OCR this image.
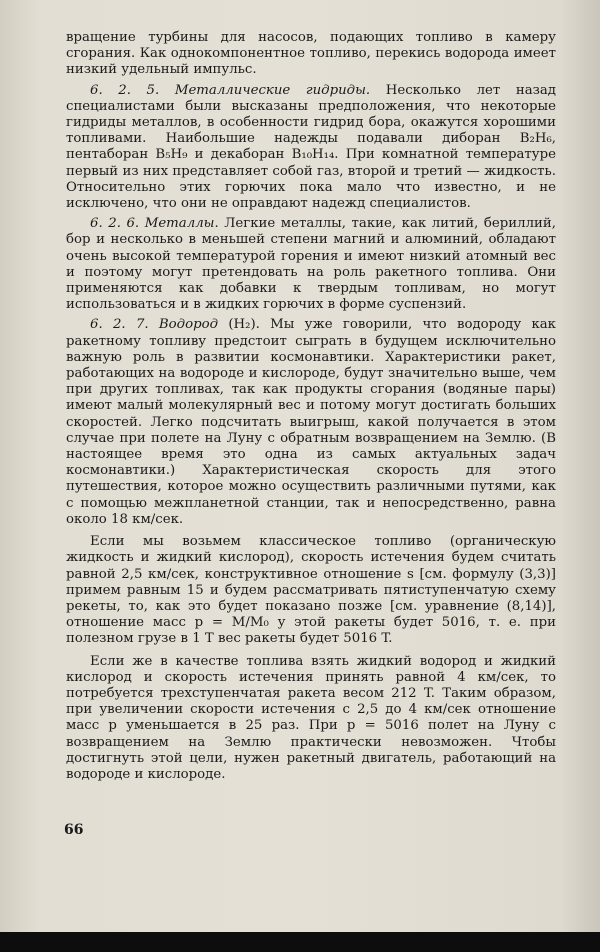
вращение турбины для насосов, подающих топливо в камеру сгорания. Как однокомпонентное топливо, перекись водорода имеет низкий удельный импульс.

6. 2. 5. Металлические гидриды. Несколько лет назад специалистами были высказаны предположения, что некоторые гидриды металлов, в особенности гидрид бора, окажутся хорошими топливами. Наибольшие надежды подавали диборан B₂H₆, пентаборан B₅H₉ и декаборан B₁₀H₁₄. При комнатной температуре первый из них представляет собой газ, второй и третий — жидкость. Относительно этих горючих пока мало что известно, и не исключено, что они не оправдают надежд специалистов.

6. 2. 6. Металлы. Легкие металлы, такие, как литий, бериллий, бор и несколько в меньшей степени магний и алюминий, обладают очень высокой температурой горения и имеют низкий атомный вес и поэтому могут претендовать на роль ракетного топлива. Они применяются как добавки к твердым топливам, но могут использоваться и в жидких горючих в форме суспензий.

6. 2. 7. Водород (H₂). Мы уже говорили, что водороду как ракетному топливу предстоит сыграть в будущем исключительно важную роль в развитии космонавтики. Характеристики ракет, работающих на водороде и кислороде, будут значительно выше, чем при других топливах, так как продукты сгорания (водяные пары) имеют малый молекулярный вес и потому могут достигать больших скоростей. Легко подсчитать выигрыш, какой получается в этом случае при полете на Луну с обратным возвращением на Землю. (В настоящее время это одна из самых актуальных задач космонавтики.) Характеристическая скорость для этого путешествия, которое можно осуществить различными путями, как с помощью межпланетной станции, так и непосредственно, равна около 18 км/сек.

Если мы возьмем классическое топливо (органическую жидкость и жидкий кислород), скорость истечения будем считать равной 2,5 км/сек, конструктивное отношение s [см. формулу (3,3)] примем равным 15 и будем рассматривать пятиступенчатую схему рекеты, то, как это будет показано позже [см. уравнение (8,14)], отношение масс p = M/M₀ у этой ракеты будет 5016, т. е. при полезном грузе в 1 T вес ракеты будет 5016 T.

Если же в качестве топлива взять жидкий водород и жидкий кислород и скорость истечения принять равной 4 км/сек, то потребуется трехступенчатая ракета весом 212 T. Таким образом, при увеличении скорости истечения с 2,5 до 4 км/сек отношение масс p уменьшается в 25 раз. При p = 5016 полет на Луну с возвращением на Землю практически невозможен. Чтобы достигнуть этой цели, нужен ракетный двигатель, работающий на водороде и кислороде.

66
